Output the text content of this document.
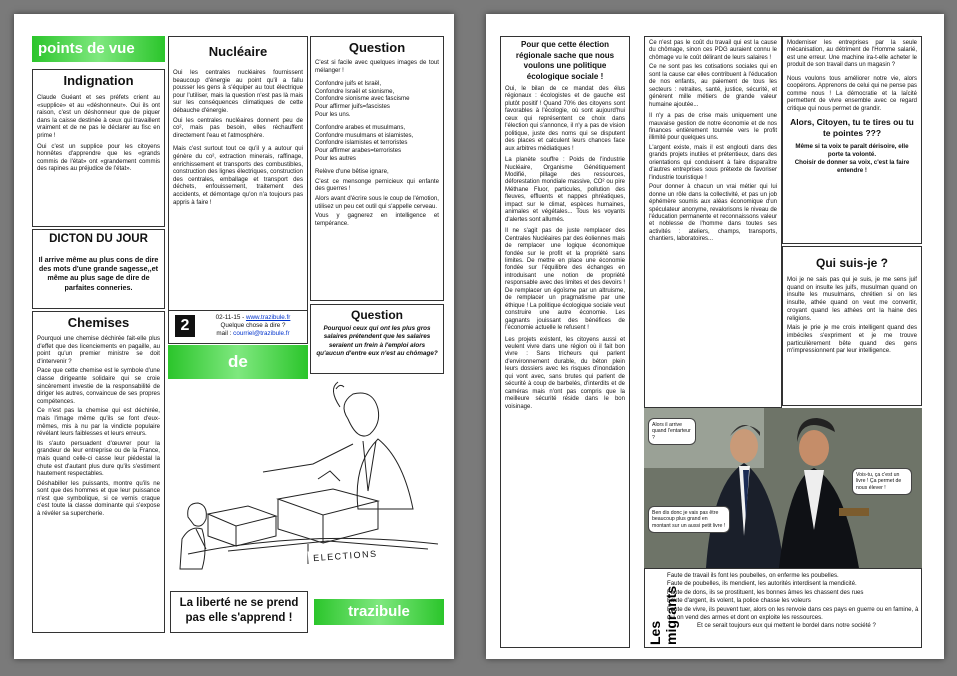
points de vue
Indignation

Claude Guéant et ses préfets crient au «supplice» et au «déshonneur». Oui ils ont raison, c'est un déshonneur que de piquer dans la caisse destinée à ceux qui travaillent vraiment et de ne pas le déclarer au fisc en prime !

Oui c'est un supplice pour les citoyens honnêtes d'apprendre que les «grands commis de l'état» ont «grandement commis des rapines au préjudice de l'état».

DICTON DU JOUR
Il arrive même au plus cons de dire des mots d'une grande sagesse,,et même au plus sage de dire de parfaites conneries.
Chemises

Pourquoi une chemise déchirée fait-elle plus d'effet que des licenciements en pagaille, au point qu'un premier ministre se doit d'intervenir ?

Pace que cette chemise est le symbole d'une classe dirigeante solidaire qui se croie sincèrement investie de la responsabilité de diriger les autres, convaincue de ses propres compétences.

Ce n'est pas la chemise qui est déchirée, mais l'image même qu'ils se font d'eux-mêmes, mis à nu par la vindicte populaire révélant leurs faiblesses et leurs erreurs.

Ils s'auto persuadent d'œuvrer pour la grandeur de leur entreprise ou de la France, mais quand celle-ci casse leur piédestal la chute est d'autant plus dure qu'ils s'estiment hautement respectables.

Déshabiller les puissants, montre qu'ils ne sont que des hommes et que leur puissance n'est que symbolique, si ce vernis craque c'est toute la classe dominante qui s'expose à révéler sa supercherie.

Nucléaire

Oui les centrales nucléaires fournissent beaucoup d'énergie au point qu'il a fallu pousser les gens à s'équiper au tout électrique pour l'utiliser, mais la question n'est pas là mais sur les conséquences climatiques de cette débauche d'énergie.

Oui les centrales nucléaires donnent peu de co², mais pas besoin, elles réchauffent directement l'eau et l'atmosphère.

Mais c'est surtout tout ce qu'il y a autour qui génère du co², extraction minerais, raffinage, enrichissement et transports des combustibles, construction des lignes électriques, construction des centrales, emballage et transport des déchets, enfouissement, traitement des accidents, et démontage qu'on n'a toujours pas appris à faire !

Question

C'est si facile avec quelques images de tout mélanger !

Confondre juifs et Israël,
Confondre Israël et sionisme,
Confondre sionisme avec fascisme
Pour affirmer juifs=fascistes
Pour les uns.
Confondre arabes et musulmans,
Confondre musulmans et islamistes,
Confondre islamistes et terroristes
Pour affirmer arabes=terroristes
Pour les autres

Relève d'une bêtise ignare,

C'est ce mensonge pernicieux qui enfante des guerres !

Alors avant d'écrire sous le coup de l'émotion, utilisez un peu cet outil qui s'appelle cerveau.

Vous y gagnerez en intelligence et tempérance.

2	02-11-15 - www.trazibule.fr
Quelque chose à dire ?
mail : courriel@trazibule.fr
Question
Pourquoi ceux qui ont les plus gros salaires prétendent que les salaires seraient un frein à l'emploi alors qu'aucun d'entre eux n'est au chômage?
de
ELECTIONS
La liberté ne se prend pas elle s'apprend !	trazibule
Pour que cette élection régionale sache que nous voulons une politique écologique sociale !

Oui, le bilan de ce mandat des élus régionaux : écologistes et de gauche est plutôt positif ! Quand 70% des citoyens sont favorables à l'écologie, où sont aujourd'hui ceux qui représentent ce choix dans l'élection qui s'annonce, il n'y a pas de vision politique, juste des noms qui se disputent des places et calculent leurs chances face aux arbitres médiatiques !

La planète souffre : Poids de l'industrie Nucléaire, Organisme Génétiquement Modifié, pillage des ressources, déforestation mondiale massive, CO² ou pire Méthane Fluor, particules, pollution des fleuves, effluents et nappes phréatiques, impact sur le climat, espèces humaines, animales et végétales... Tous les voyants d'alertes sont allumés.

Il ne s'agit pas de juste remplacer des Centrales Nucléaires par des éoliennes mais de remplacer une logique économique fondée sur le profit et la propriété sans limites. De mettre en place une économie fondée sur l'équilibre des échanges en introduisant une notion de propriété responsable avec des limites et des devoirs ! De remplacer un égoïsme par un altruisme, de remplacer un pragmatisme par une éthique ! La politique écologique sociale veut construire une autre économie. Les gagnants jouissant des bénéfices de l'économie actuelle le refusent !

Les projets existent, les citoyens aussi et veulent vivre dans une région où il fait bon vivre : Sans tricheurs qui parlent d'environnement durable, du béton plein leurs dossiers avec les risques d'inondation qui vont avec, sans brutes qui parlent de sécurité à coup de barbelés, d'interdits et de caméras mais n'ont pas compris que la meilleure sécurité réside dans le bon voisinage.

Ce n'est pas le coût du travail qui est la cause du chômage, sinon ces PDG auraient connu le chômage vu le coût délirant de leurs salaires !

Ce ne sont pas les cotisations sociales qui en sont la cause car elles contribuent à l'éducation de nos enfants, au paiement de tous les secteurs : retraites, santé, justice, sécurité, et génèrent mille métiers de grande valeur humaine ajoutée...

Il n'y a pas de crise mais uniquement une mauvaise gestion de notre économie et de nos finances entièrement tournée vers le profit illimité pour quelques uns.

L'argent existe, mais il est englouti dans des grands projets inutiles et prétentieux, dans des orientations qui conduisent à faire disparaître d'autres entreprises sous prétexte de favoriser l'industrie touristique !

Pour donner à chacun un vrai métier qui lui donne un rôle dans la collectivité, et pas un job éphémère soumis aux aléas économique d'un spéculateur anonyme, revalorisons le niveau de l'éducation permanente et reconnaissons valeur et noblesse de l'homme dans toutes ses activités : ateliers, champs, transports, chantiers, laboratoires...

Moderniser les entreprises par la seule mécanisation, au détriment de l'Homme salarié, est une erreur. Une machine ira-t-elle acheter le produit de son travail dans un magasin ?

Nous voulons tous améliorer notre vie, alors coopérons. Apprenons de celui qui ne pense pas comme nous ! La démocratie et la laïcité permettent de vivre ensemble avec ce regard critique qui nous permet de grandir.

Alors, Citoyen, tu te tires ou tu te pointes ???
Même si ta voix te paraît dérisoire, elle porte ta volonté.
Choisir de donner sa voix, c'est la faire entendre !
Qui suis-je ?

Moi je ne sais pas qui je suis, je me sens juif quand on insulte les juifs, musulman quand on insulte les musulmans, chrétien si on les insulte, athée quand on veut me convertir, croyant quand les athées ont la haine des religions.

Mais je prie je me crois intelligent quand des imbéciles s'expriment et je me trouve particulièrement bête quand des gens m'impressionnent par leur intelligence.

Alors il arrive quand l'entarteur ?
Ben dis donc je vais pas être beaucoup plus grand en montant sur un aussi petit livre !
Vois-tu, ça c'est un livre ! Ça permet de nous élever !
Les migrants
Faute de travail ils font les poubelles, on enferme les poubelles.
Faute de poubelles, ils mendient, les autorités interdisent la mendicité.
Faute de dons, ils se prostituent, les bonnes âmes les chassent des rues
Faute d'argent, ils volent, la police chasse les voleurs
Faute de vivre, ils peuvent tuer, alors on les renvoie dans ces pays en guerre ou en famine, à qui on vend des armes et dont on exploite les ressources.
Et ce serait toujours eux qui mettent le bordel dans notre société ?
